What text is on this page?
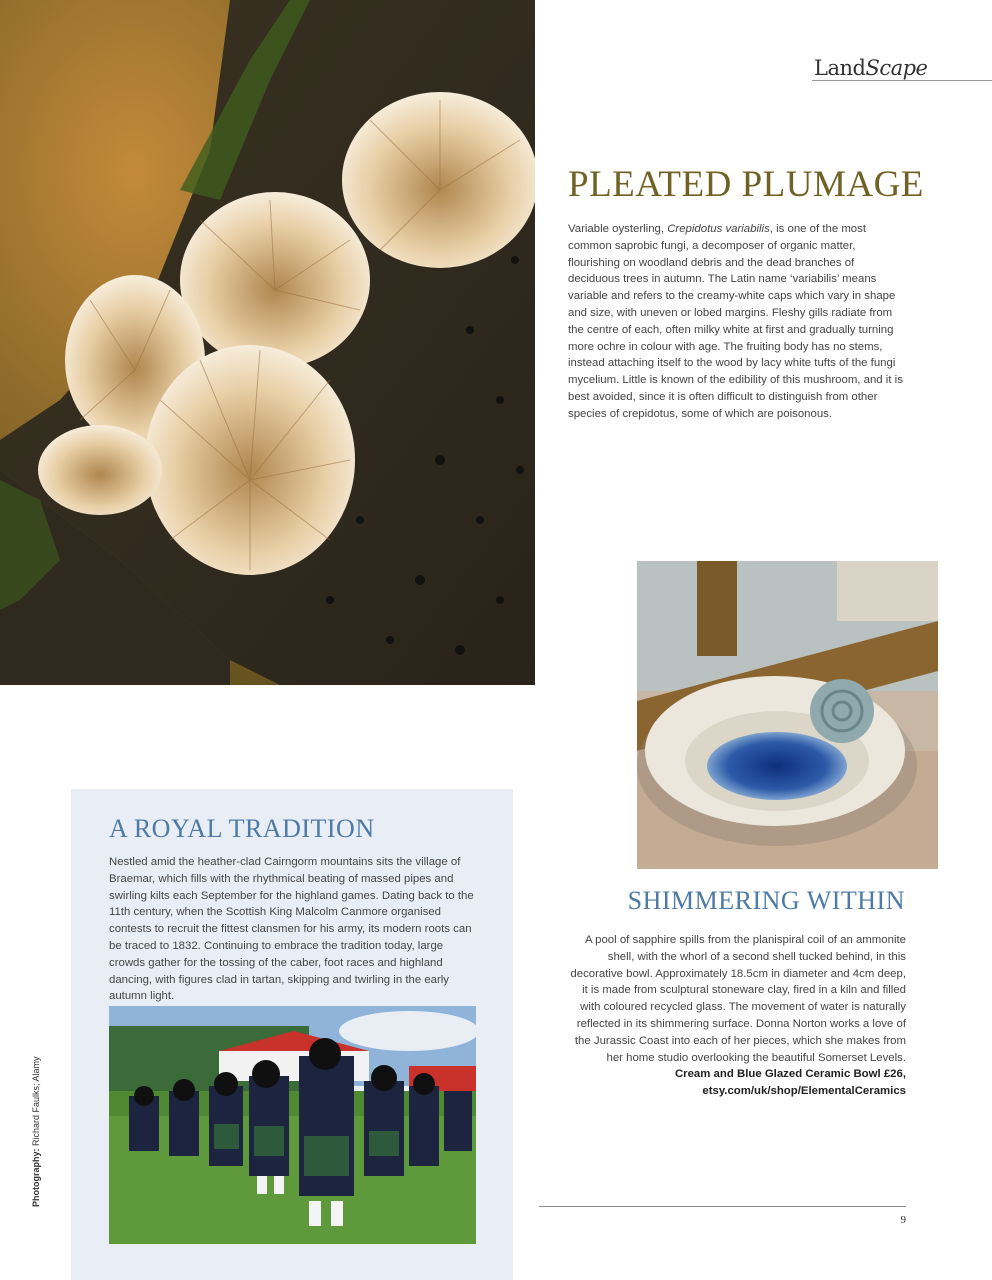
LandScape
PLEATED PLUMAGE

Variable oysterling, Crepidotus variabilis, is one of the most common saprobic fungi, a decomposer of organic matter, flourishing on woodland debris and the dead branches of deciduous trees in autumn. The Latin name ‘variabilis’ means variable and refers to the creamy-white caps which vary in shape and size, with uneven or lobed margins. Fleshy gills radiate from the centre of each, often milky white at first and gradually turning more ochre in colour with age. The fruiting body has no stems, instead attaching itself to the wood by lacy white tufts of the fungi mycelium. Little is known of the edibility of this mushroom, and it is best avoided, since it is often difficult to distinguish from other species of crepidotus, some of which are poisonous.

A ROYAL TRADITION

Nestled amid the heather-clad Cairngorm mountains sits the village of Braemar, which fills with the rhythmical beating of massed pipes and swirling kilts each September for the highland games. Dating back to the 11th century, when the Scottish King Malcolm Canmore organised contests to recruit the fittest clansmen for his army, its modern roots can be traced to 1832. Continuing to embrace the tradition today, large crowds gather for the tossing of the caber, foot races and highland dancing, with figures clad in tartan, skipping and twirling in the early autumn light.

SHIMMERING WITHIN

A pool of sapphire spills from the planispiral coil of an ammonite shell, with the whorl of a second shell tucked behind, in this decorative bowl. Approximately 18.5cm in diameter and 4cm deep, it is made from sculptural stoneware clay, fired in a kiln and filled with coloured recycled glass. The movement of water is naturally reflected in its shimmering surface. Donna Norton works a love of the Jurassic Coast into each of her pieces, which she makes from her home studio overlooking the beautiful Somerset Levels.
Cream and Blue Glazed Ceramic Bowl £26,
etsy.com/uk/shop/ElementalCeramics

Photography: Richard Faulks; Alamy
9
